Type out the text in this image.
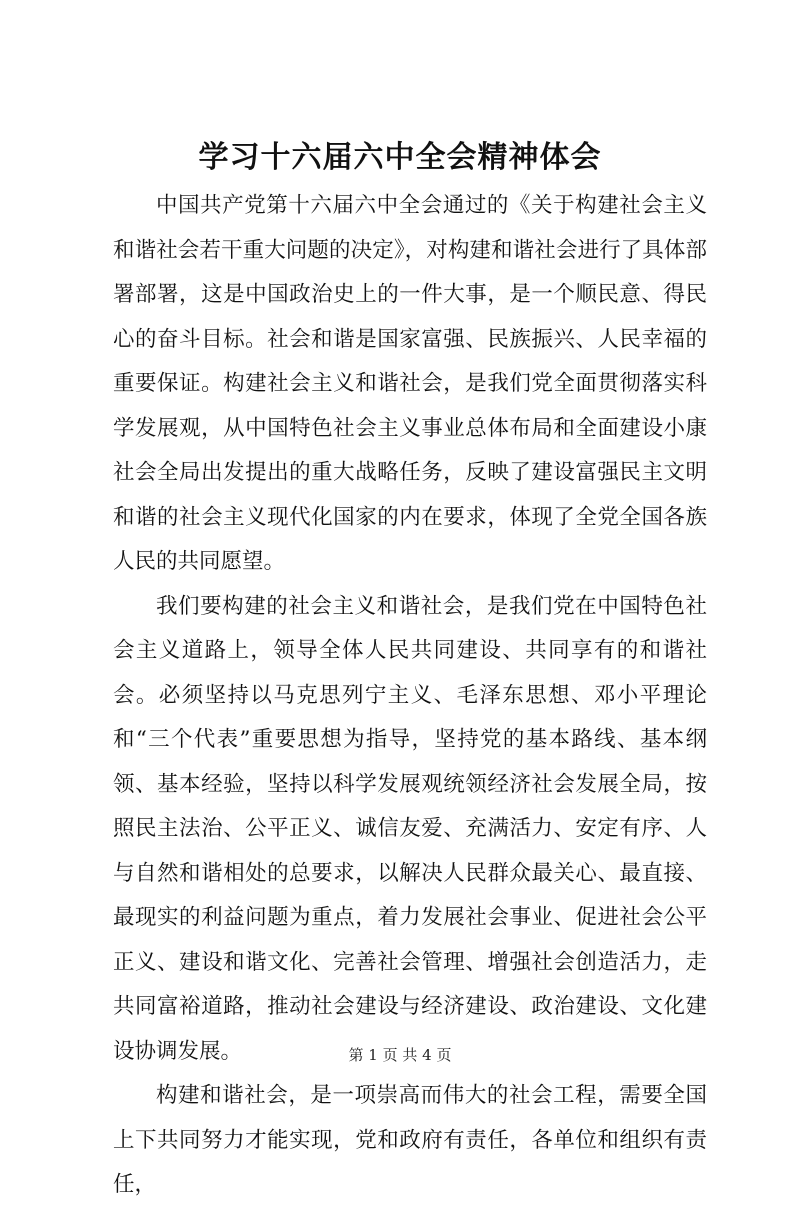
学习十六届六中全会精神体会

中国共产党第十六届六中全会通过的《关于构建社会主义和谐社会若干重大问题的决定》，对构建和谐社会进行了具体部署部署，这是中国政治史上的一件大事，是一个顺民意、得民心的奋斗目标。社会和谐是国家富强、民族振兴、人民幸福的重要保证。构建社会主义和谐社会，是我们党全面贯彻落实科学发展观，从中国特色社会主义事业总体布局和全面建设小康社会全局出发提出的重大战略任务，反映了建设富强民主文明和谐的社会主义现代化国家的内在要求，体现了全党全国各族人民的共同愿望。

我们要构建的社会主义和谐社会，是我们党在中国特色社会主义道路上，领导全体人民共同建设、共同享有的和谐社会。必须坚持以马克思列宁主义、毛泽东思想、邓小平理论和“三个代表”重要思想为指导，坚持党的基本路线、基本纲领、基本经验，坚持以科学发展观统领经济社会发展全局，按照民主法治、公平正义、诚信友爱、充满活力、安定有序、人与自然和谐相处的总要求，以解决人民群众最关心、最直接、最现实的利益问题为重点，着力发展社会事业、促进社会公平正义、建设和谐文化、完善社会管理、增强社会创造活力，走共同富裕道路，推动社会建设与经济建设、政治建设、文化建设协调发展。

构建和谐社会，是一项崇高而伟大的社会工程，需要全国上下共同努力才能实现，党和政府有责任，各单位和组织有责任，

第 1 页 共 4 页
